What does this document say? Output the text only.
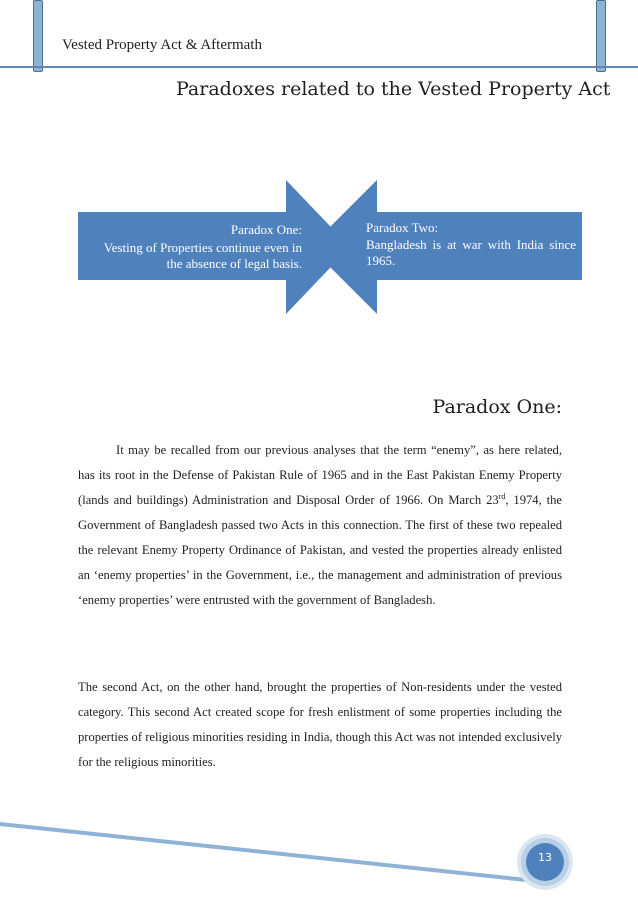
Vested Property Act & Aftermath
Paradoxes related to the Vested Property Act
Paradox One:
Vesting of Properties continue even in the absence of legal basis.
Paradox Two:
Bangladesh is at war with India since 1965.
Paradox One:
It may be recalled from our previous analyses that the term “enemy”, as here related, has its root in the Defense of Pakistan Rule of 1965 and in the East Pakistan Enemy Property (lands and buildings) Administration and Disposal Order of 1966. On March 23rd, 1974, the Government of Bangladesh passed two Acts in this connection. The first of these two repealed the relevant Enemy Property Ordinance of Pakistan, and vested the properties already enlisted an ‘enemy properties’ in the Government, i.e., the management and administration of previous ‘enemy properties’ were entrusted with the government of Bangladesh.
The second Act, on the other hand, brought the properties of Non-residents under the vested category. This second Act created scope for fresh enlistment of some properties including the properties of religious minorities residing in India, though this Act was not intended exclusively for the religious minorities.
13
